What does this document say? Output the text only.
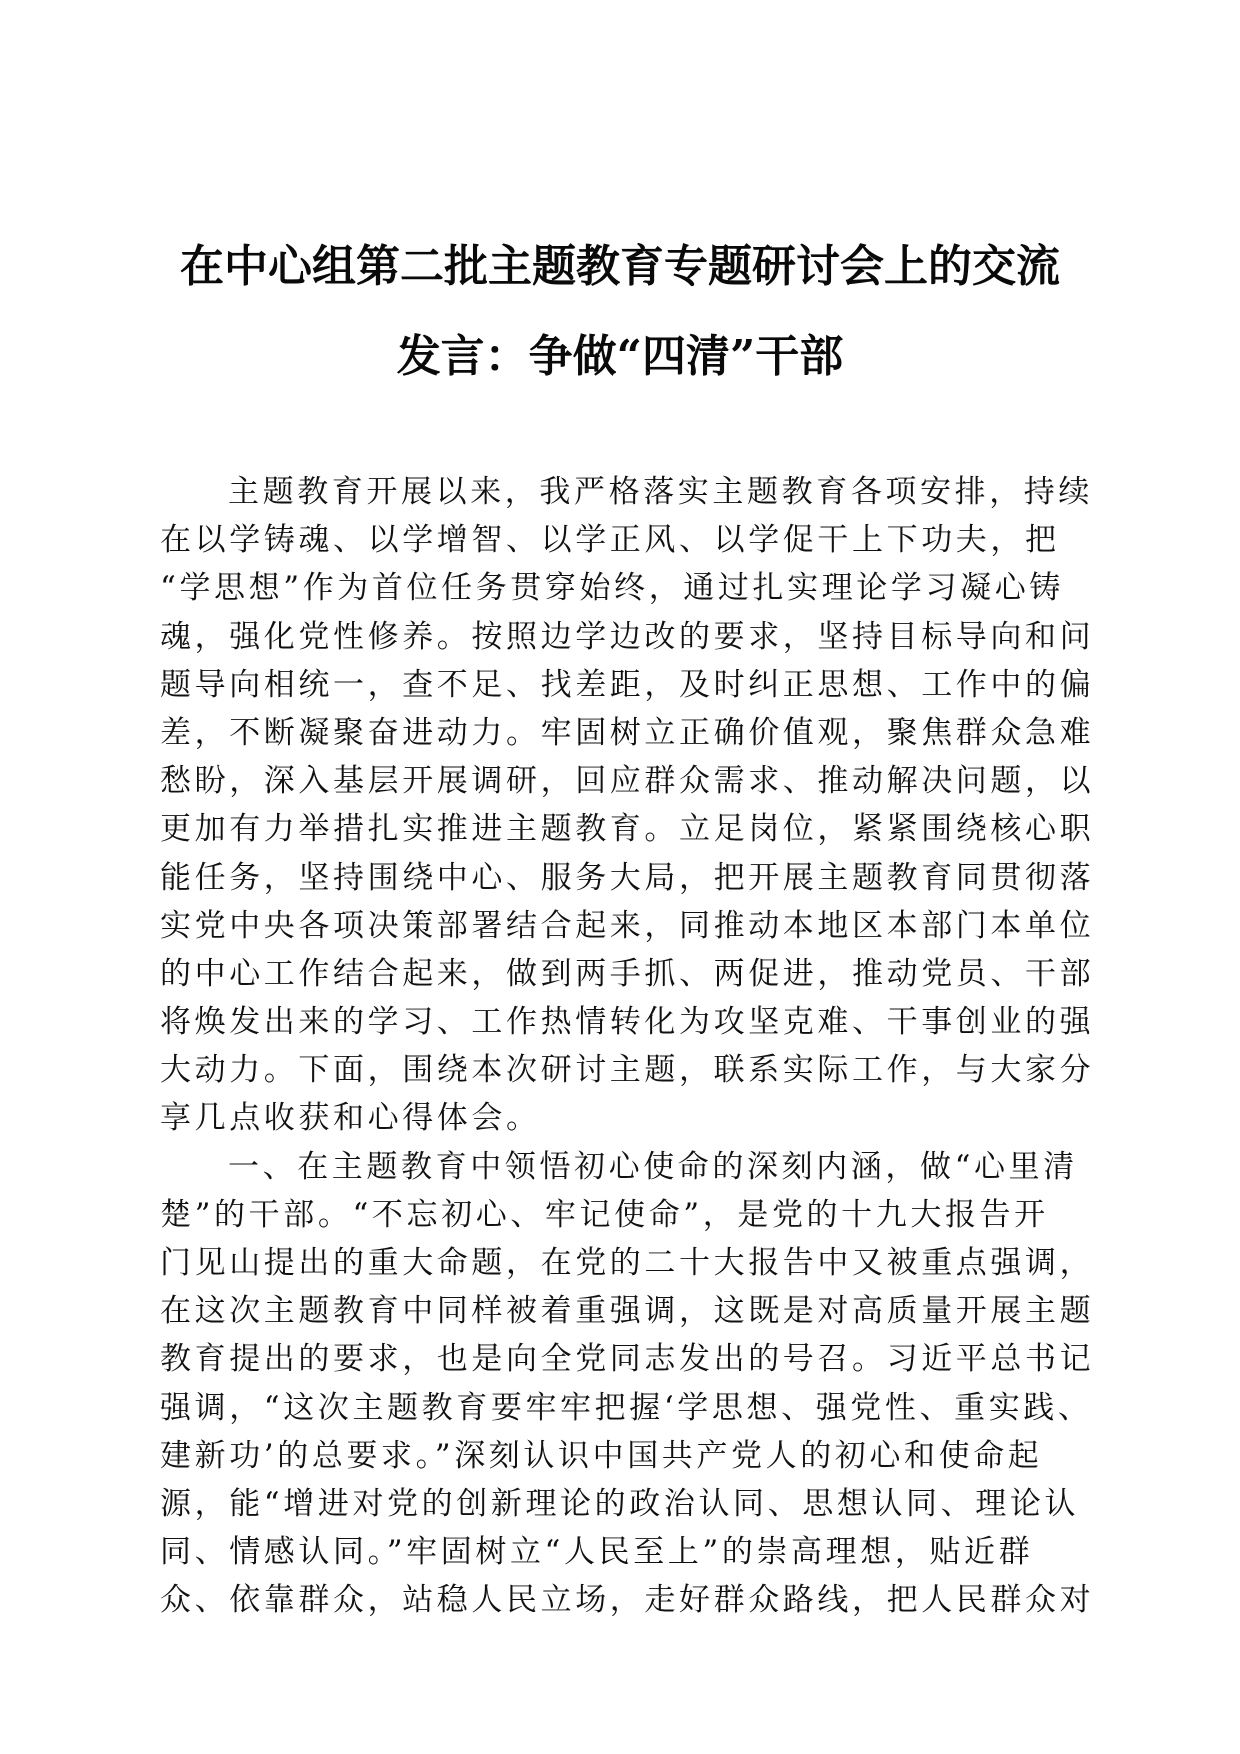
在中心组第二批主题教育专题研讨会上的交流
发言：争做“四清”干部
主题教育开展以来，我严格落实主题教育各项安排，持续
在以学铸魂、以学增智、以学正风、以学促干上下功夫，把
“学思想”作为首位任务贯穿始终，通过扎实理论学习凝心铸
魂，强化党性修养。按照边学边改的要求，坚持目标导向和问
题导向相统一，查不足、找差距，及时纠正思想、工作中的偏
差，不断凝聚奋进动力。牢固树立正确价值观，聚焦群众急难
愁盼，深入基层开展调研，回应群众需求、推动解决问题，以
更加有力举措扎实推进主题教育。立足岗位，紧紧围绕核心职
能任务，坚持围绕中心、服务大局，把开展主题教育同贯彻落
实党中央各项决策部署结合起来，同推动本地区本部门本单位
的中心工作结合起来，做到两手抓、两促进，推动党员、干部
将焕发出来的学习、工作热情转化为攻坚克难、干事创业的强
大动力。下面，围绕本次研讨主题，联系实际工作，与大家分
享几点收获和心得体会。
一、在主题教育中领悟初心使命的深刻内涵，做“心里清
楚”的干部。“不忘初心、牢记使命”，是党的十九大报告开
门见山提出的重大命题，在党的二十大报告中又被重点强调，
在这次主题教育中同样被着重强调，这既是对高质量开展主题
教育提出的要求，也是向全党同志发出的号召。习近平总书记
强调，“这次主题教育要牢牢把握‘学思想、强党性、重实践、
建新功’的总要求。”深刻认识中国共产党人的初心和使命起
源，能“增进对党的创新理论的政治认同、思想认同、理论认
同、情感认同。”牢固树立“人民至上”的崇高理想，贴近群
众、依靠群众，站稳人民立场，走好群众路线，把人民群众对
